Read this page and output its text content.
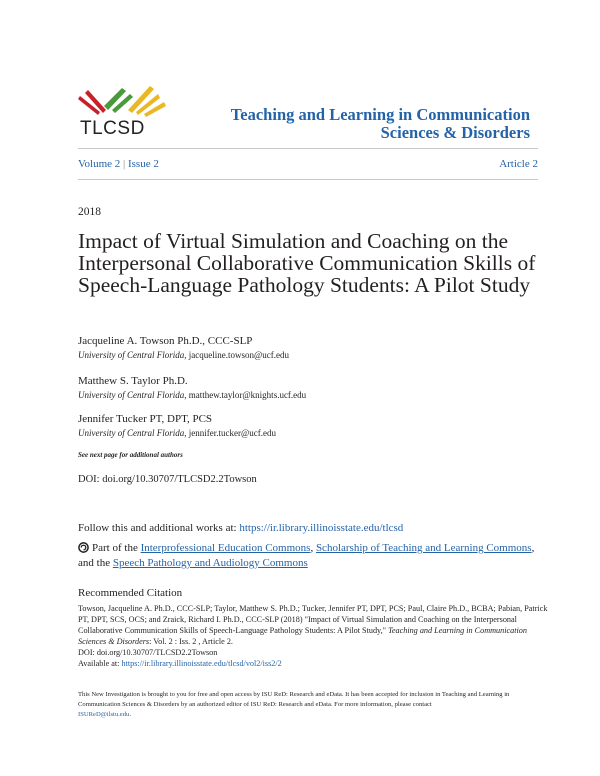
TLCSD
Teaching and Learning in Communication
Sciences & Disorders
Volume 2 | Issue 2	Article 2
2018
Impact of Virtual Simulation and Coaching on the Interpersonal Collaborative Communication Skills of Speech-Language Pathology Students: A Pilot Study
Jacqueline A. Towson Ph.D., CCC-SLP
University of Central Florida, jacqueline.towson@ucf.edu
Matthew S. Taylor Ph.D.
University of Central Florida, matthew.taylor@knights.ucf.edu
Jennifer Tucker PT, DPT, PCS
University of Central Florida, jennifer.tucker@ucf.edu
See next page for additional authors
DOI: doi.org/10.30707/TLCSD2.2Towson
Follow this and additional works at: https://ir.library.illinoisstate.edu/tlcsd
Part of the Interprofessional Education Commons, Scholarship of Teaching and Learning Commons, and the Speech Pathology and Audiology Commons
Recommended Citation
Towson, Jacqueline A. Ph.D., CCC-SLP; Taylor, Matthew S. Ph.D.; Tucker, Jennifer PT, DPT, PCS; Paul, Claire Ph.D., BCBA; Pabian, Patrick PT, DPT, SCS, OCS; and Zraick, Richard I. Ph.D., CCC-SLP (2018) "Impact of Virtual Simulation and Coaching on the Interpersonal Collaborative Communication Skills of Speech-Language Pathology Students: A Pilot Study," Teaching and Learning in Communication Sciences & Disorders: Vol. 2 : Iss. 2 , Article 2.
DOI: doi.org/10.30707/TLCSD2.2Towson
Available at: https://ir.library.illinoisstate.edu/tlcsd/vol2/iss2/2
This New Investigation is brought to you for free and open access by ISU ReD: Research and eData. It has been accepted for inclusion in Teaching and Learning in Communication Sciences & Disorders by an authorized editor of ISU ReD: Research and eData. For more information, please contact
ISUReD@ilstu.edu.
